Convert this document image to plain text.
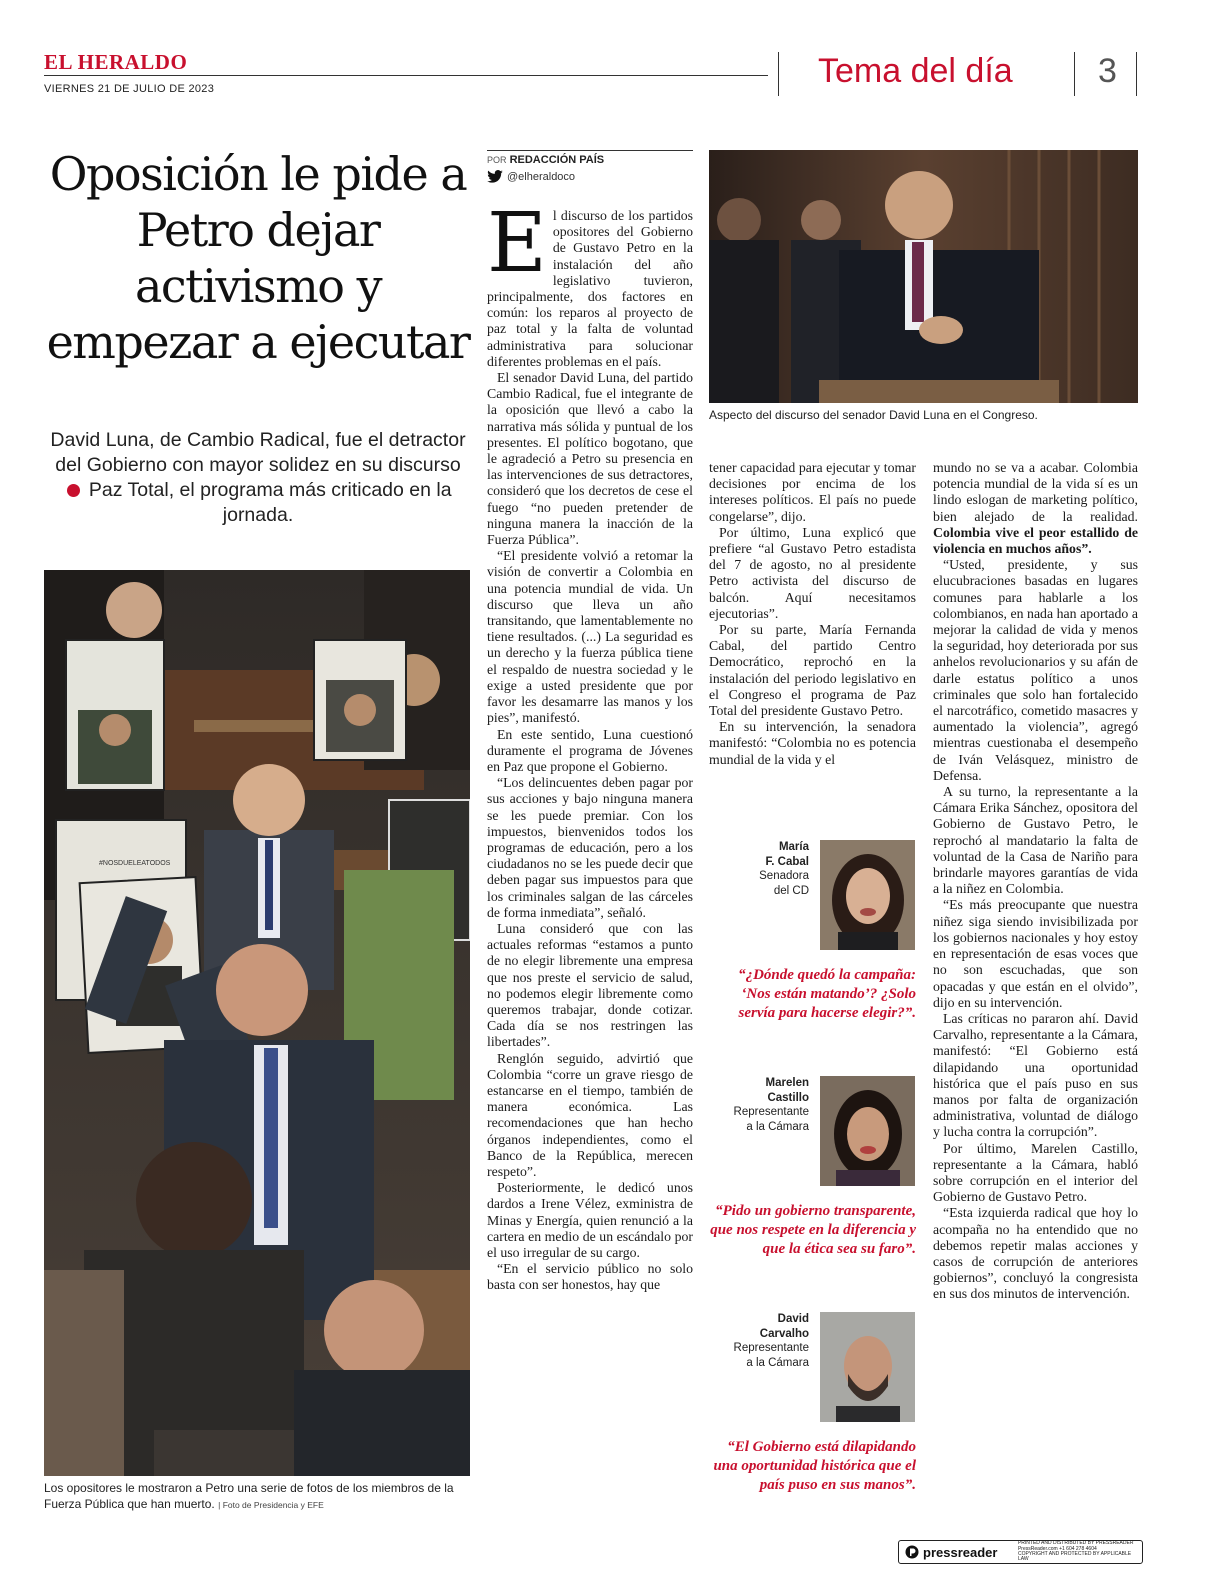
EL HERALDO
VIERNES 21 DE JULIO DE 2023	Tema del día	3
Oposición le pide a Petro dejar activismo y empezar a ejecutar
David Luna, de Cambio Radical, fue el detractor del Gobierno con mayor solidez en su discurso  Paz Total, el programa más criticado en la jornada.
#NOSDUELEATODOS
Los opositores le mostraron a Petro una serie de fotos de los miembros de la Fuerza Pública que han muerto. | Foto de Presidencia y EFE
POR REDACCIÓN PAÍS
@elheraldoco

El discurso de los partidos opositores del Gobierno de Gustavo Petro en la instalación del año legislativo tuvieron, principalmente, dos factores en común: los reparos al proyecto de paz total y la falta de voluntad administrativa para solucionar diferentes problemas en el país.

El senador David Luna, del partido Cambio Radical, fue el integrante de la oposición que llevó a cabo la narrativa más sólida y puntual de los presentes. El político bogotano, que le agradeció a Petro su presencia en las intervenciones de sus detractores, consideró que los decretos de cese el fuego “no pueden pretender de ninguna manera la inacción de la Fuerza Pública”.

“El presidente volvió a retomar la visión de convertir a Colombia en una potencia mundial de vida. Un discurso que lleva un año transitando, que lamentablemente no tiene resultados. (...) La seguridad es un derecho y la fuerza pública tiene el respaldo de nuestra sociedad y le exige a usted presidente que por favor les desamarre las manos y los pies”, manifestó.

En este sentido, Luna cuestionó duramente el programa de Jóvenes en Paz que propone el Gobierno.

“Los delincuentes deben pagar por sus acciones y bajo ninguna manera se les puede premiar. Con los impuestos, bienvenidos todos los programas de educación, pero a los ciudadanos no se les puede decir que deben pagar sus impuestos para que los criminales salgan de las cárceles de forma inmediata”, señaló.

Luna consideró que con las actuales reformas “estamos a punto de no elegir libremente una empresa que nos preste el servicio de salud, no podemos elegir libremente como queremos trabajar, donde cotizar. Cada día se nos restringen las libertades”.

Renglón seguido, advirtió que Colombia “corre un grave riesgo de estancarse en el tiempo, también de manera económica. Las recomendaciones que han hecho órganos independientes, como el Banco de la República, merecen respeto”.

Posteriormente, le dedicó unos dardos a Irene Vélez, exministra de Minas y Energía, quien renunció a la cartera en medio de un escándalo por el uso irregular de su cargo.

“En el servicio público no solo basta con ser honestos, hay que

Aspecto del discurso del senador David Luna en el Congreso.

tener capacidad para ejecutar y tomar decisiones por encima de los intereses políticos. El país no puede congelarse”, dijo.

Por último, Luna explicó que prefiere “al Gustavo Petro estadista del 7 de agosto, no al presidente Petro activista del discurso de balcón. Aquí necesitamos ejecutorias”.

Por su parte, María Fernanda Cabal, del partido Centro Democrático, reprochó en la instalación del periodo legislativo en el Congreso el programa de Paz Total del presidente Gustavo Petro.

En su intervención, la senadora manifestó: “Colombia no es potencia mundial de la vida y el

María
F. Cabal
Senadora
del CD
“¿Dónde quedó la campaña: ‘Nos están matando’? ¿Solo servía para hacerse elegir?”.
Marelen
Castillo
Representante
a la Cámara
“Pido un gobierno transparente, que nos respete en la diferencia y que la ética sea su faro”.
David
Carvalho
Representante
a la Cámara
“El Gobierno está dilapidando una oportunidad histórica que el país puso en sus manos”.

mundo no se va a acabar. Colombia potencia mundial de la vida sí es un lindo eslogan de marketing político, bien alejado de la realidad. Colombia vive el peor estallido de violencia en muchos años”.

“Usted, presidente, y sus elucubraciones basadas en lugares comunes para hablarle a los colombianos, en nada han aportado a mejorar la calidad de vida y menos la seguridad, hoy deteriorada por sus anhelos revolucionarios y su afán de darle estatus político a unos criminales que solo han fortalecido el narcotráfico, cometido masacres y aumentado la violencia”, agregó mientras cuestionaba el desempeño de Iván Velásquez, ministro de Defensa.

A su turno, la representante a la Cámara Erika Sánchez, opositora del Gobierno de Gustavo Petro, le reprochó al mandatario la falta de voluntad de la Casa de Nariño para brindarle mayores garantías de vida a la niñez en Colombia.

“Es más preocupante que nuestra niñez siga siendo invisibilizada por los gobiernos nacionales y hoy estoy en representación de esas voces que no son escuchadas, que son opacadas y que están en el olvido”, dijo en su intervención.

Las críticas no pararon ahí. David Carvalho, representante a la Cámara, manifestó: “El Gobierno está dilapidando una oportunidad histórica que el país puso en sus manos por falta de organización administrativa, voluntad de diálogo y lucha contra la corrupción”.

Por último, Marelen Castillo, representante a la Cámara, habló sobre corrupción en el interior del Gobierno de Gustavo Petro.

“Esta izquierda radical que hoy lo acompaña no ha entendido que no debemos repetir malas acciones y casos de corrupción de anteriores gobiernos”, concluyó la congresista en sus dos minutos de intervención.

pressreader
PRINTED AND DISTRIBUTED BY PRESSREADER
PressReader.com +1 604 278 4604
COPYRIGHT AND PROTECTED BY APPLICABLE LAW
